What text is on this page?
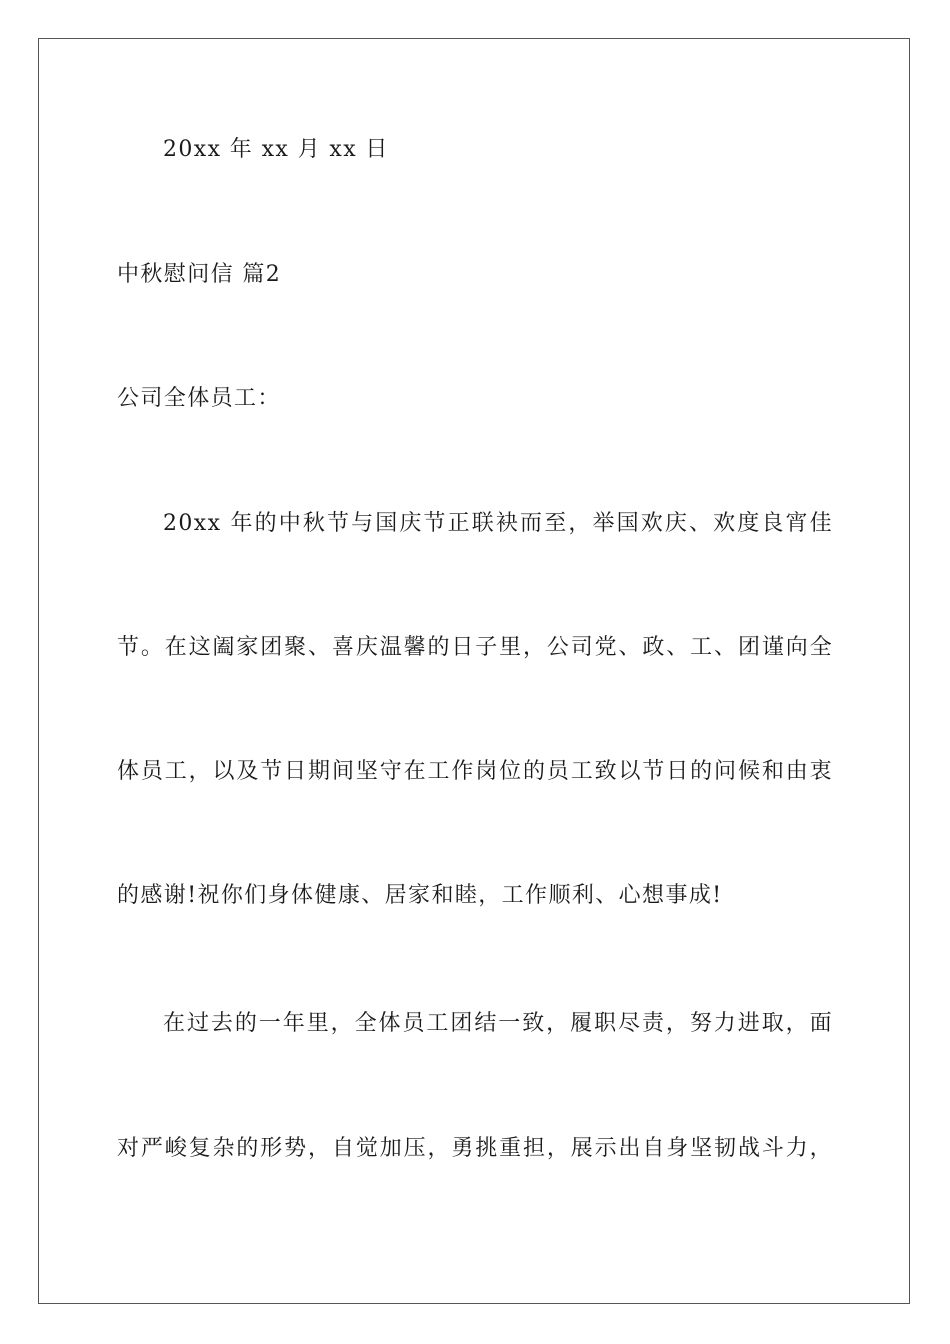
20xx 年 xx 月 xx 日
中秋慰问信 篇2
公司全体员工：
20xx 年的中秋节与国庆节正联袂而至，举国欢庆、欢度良宵佳
节。在这阖家团聚、喜庆温馨的日子里，公司党、政、工、团谨向全
体员工，以及节日期间坚守在工作岗位的员工致以节日的问候和由衷
的感谢!祝你们身体健康、居家和睦，工作顺利、心想事成!
在过去的一年里，全体员工团结一致，履职尽责，努力进取，面
对严峻复杂的形势，自觉加压，勇挑重担，展示出自身坚韧战斗力，
